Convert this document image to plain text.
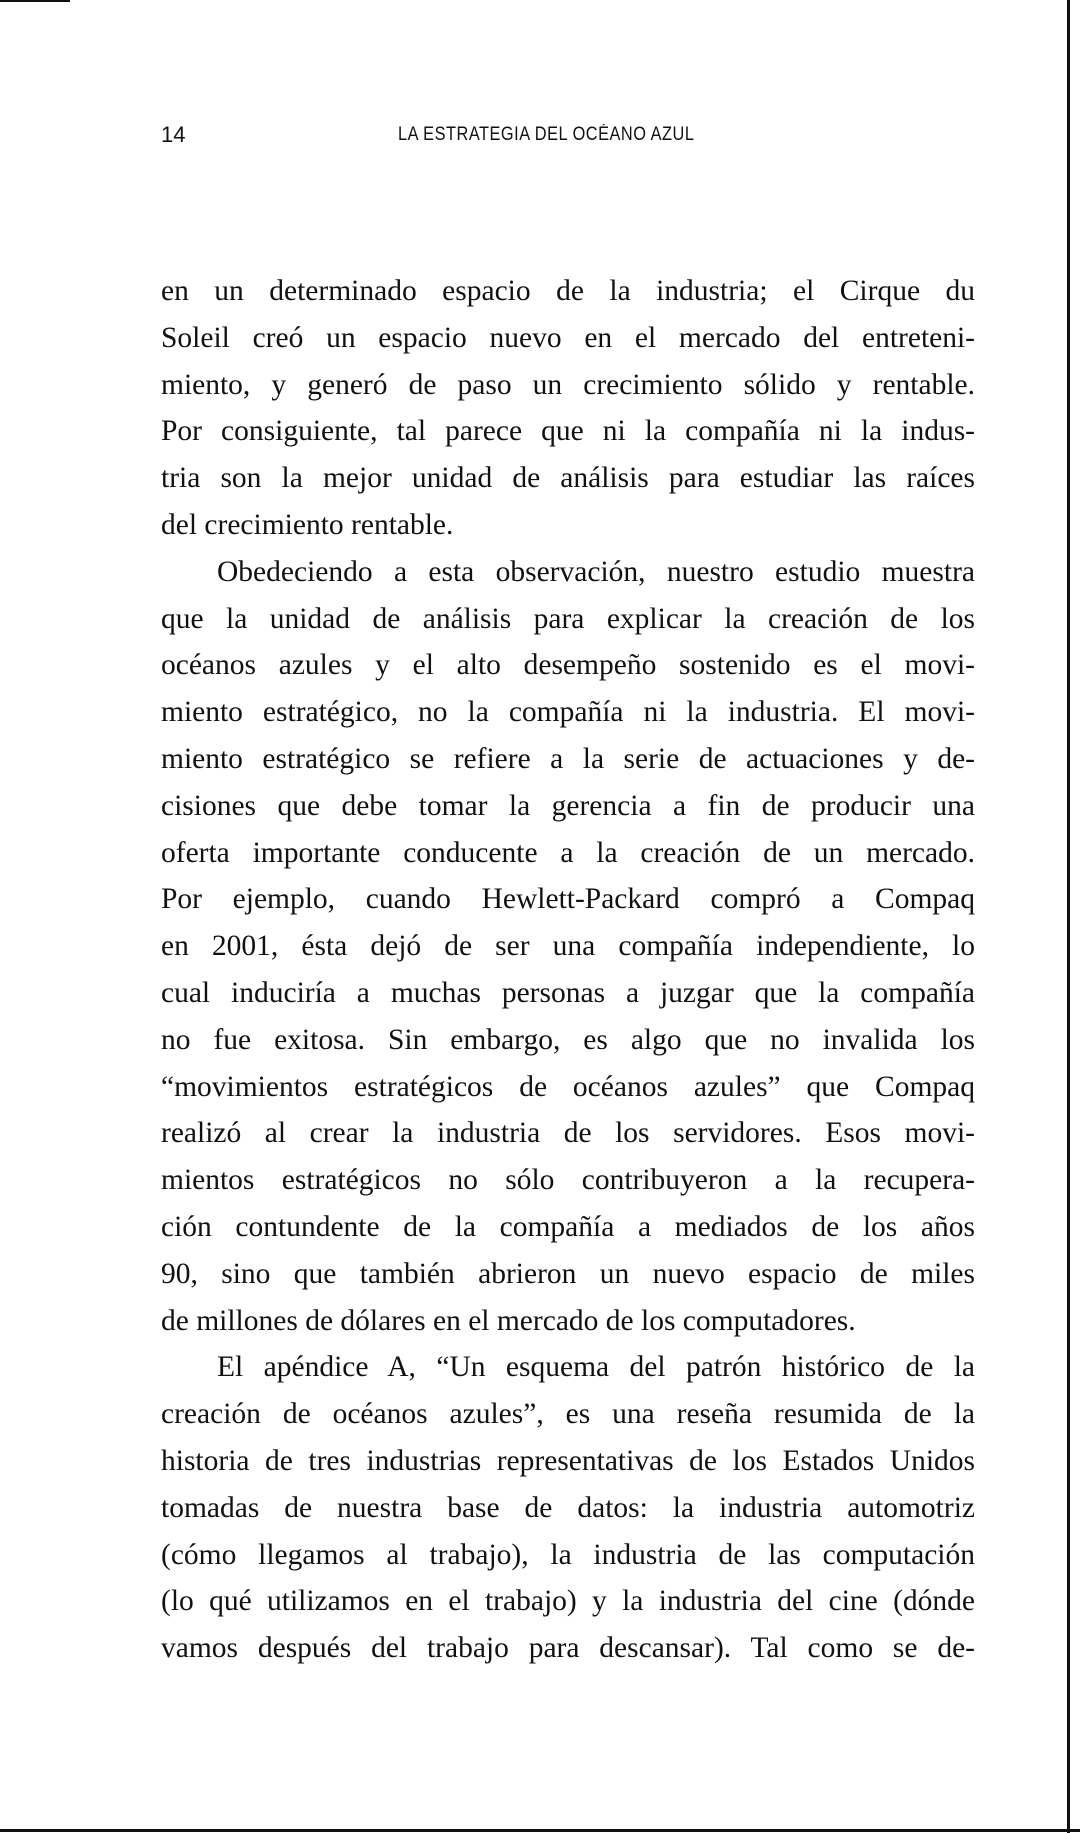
14	LA ESTRATEGIA DEL OCÉANO AZUL
en un determinado espacio de la industria; el Cirque du
Soleil creó un espacio nuevo en el mercado del entreteni-
miento, y generó de paso un crecimiento sólido y rentable.
Por consiguiente, tal parece que ni la compañía ni la indus-
tria son la mejor unidad de análisis para estudiar las raíces
del crecimiento rentable.
Obedeciendo a esta observación, nuestro estudio muestra
que la unidad de análisis para explicar la creación de los
océanos azules y el alto desempeño sostenido es el movi-
miento estratégico, no la compañía ni la industria. El movi-
miento estratégico se refiere a la serie de actuaciones y de-
cisiones que debe tomar la gerencia a fin de producir una
oferta importante conducente a la creación de un mercado.
Por ejemplo, cuando Hewlett-Packard compró a Compaq
en 2001, ésta dejó de ser una compañía independiente, lo
cual induciría a muchas personas a juzgar que la compañía
no fue exitosa. Sin embargo, es algo que no invalida los
“movimientos estratégicos de océanos azules” que Compaq
realizó al crear la industria de los servidores. Esos movi-
mientos estratégicos no sólo contribuyeron a la recupera-
ción contundente de la compañía a mediados de los años
90, sino que también abrieron un nuevo espacio de miles
de millones de dólares en el mercado de los computadores.
El apéndice A, “Un esquema del patrón histórico de la
creación de océanos azules”, es una reseña resumida de la
historia de tres industrias representativas de los Estados Unidos
tomadas de nuestra base de datos: la industria automotriz
(cómo llegamos al trabajo), la industria de las computación
(lo qué utilizamos en el trabajo) y la industria del cine (dónde
vamos después del trabajo para descansar). Tal como se de-
